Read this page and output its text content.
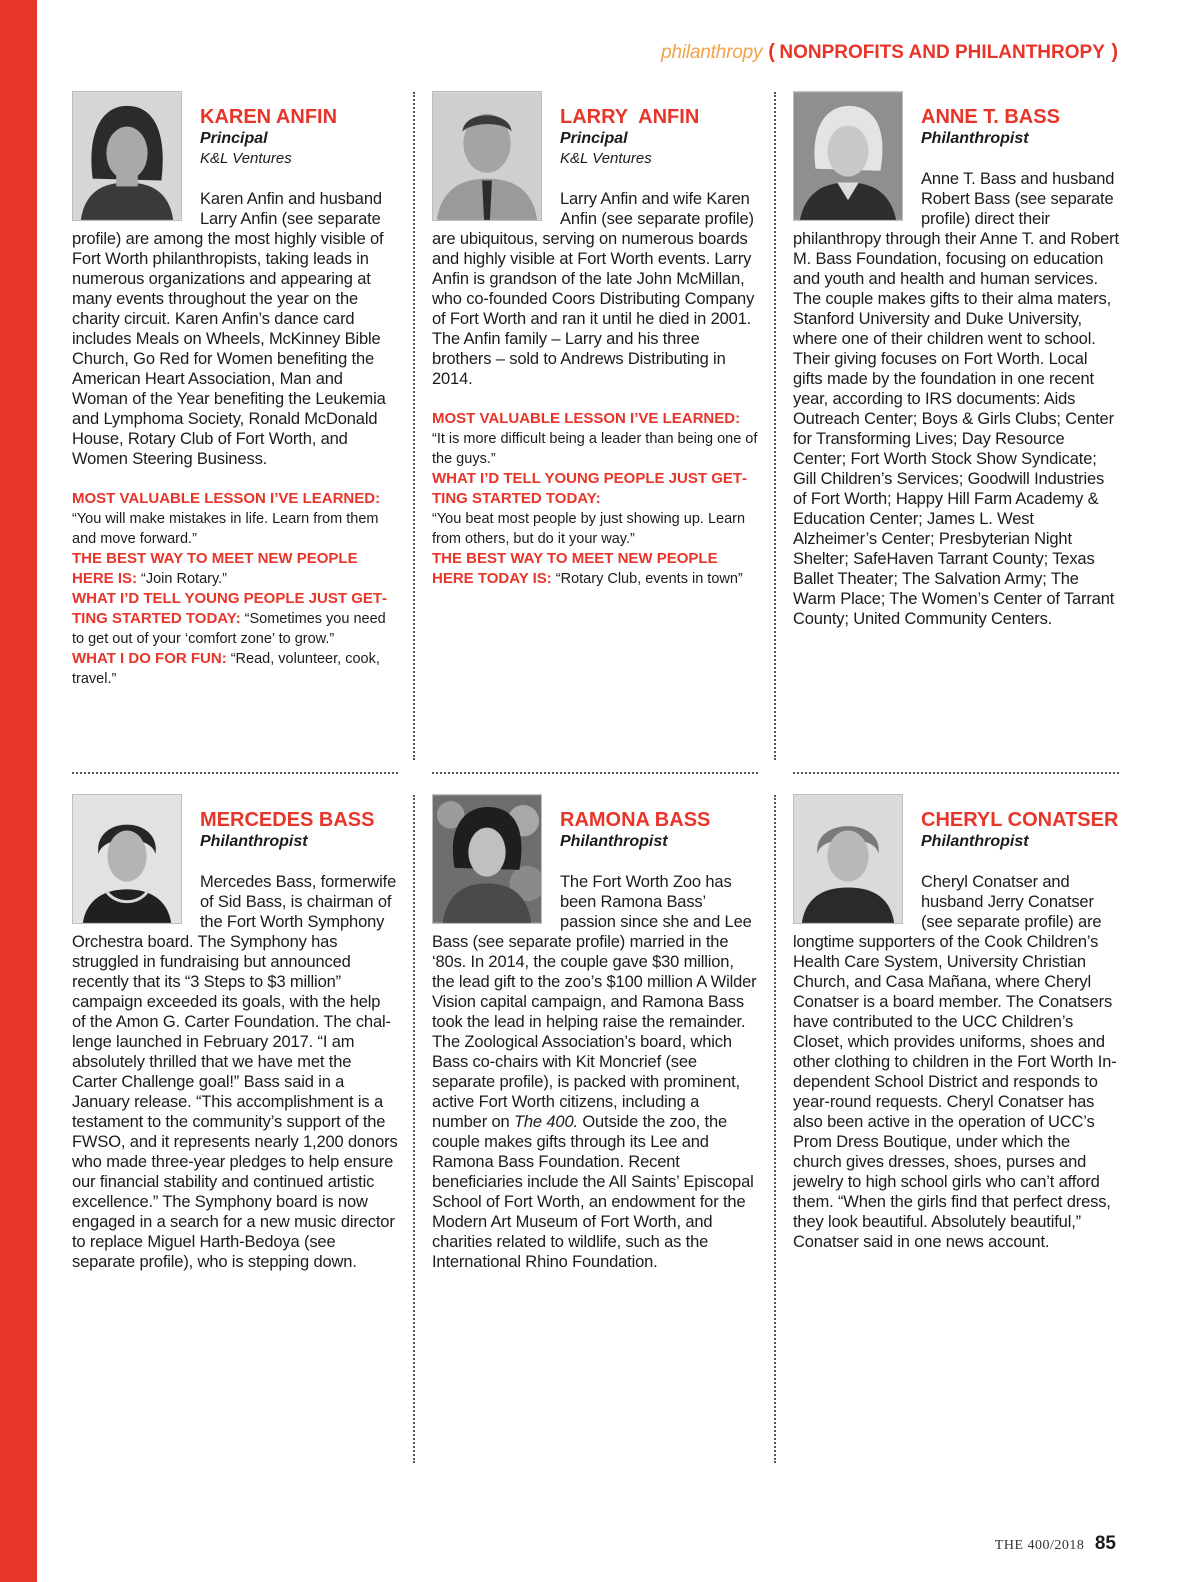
philanthropy ( NONPROFITS AND PHILANTHROPY )
KAREN ANFIN
Principal
K&L Ventures
Karen Anfin and husband Larry Anfin (see separate profile) are among the most highly visible of Fort Worth philanthropists, taking leads in numerous organizations and appearing at many events throughout the year on the charity circuit. Karen Anfin’s dance card includes Meals on Wheels, McKinney Bible Church, Go Red for Women benefiting the American Heart Association, Man and Woman of the Year benefiting the Leukemia and Lymphoma Society, Ronald McDonald House, Rotary Club of Fort Worth, and Women Steering Business.

MOST VALUABLE LESSON I’VE LEARNED:
“You will make mistakes in life. Learn from them and move forward.”

THE BEST WAY TO MEET NEW PEOPLE HERE IS: “Join Rotary.”

WHAT I’D TELL YOUNG PEOPLE JUST GETTING STARTED TODAY: “Sometimes you need to get out of your ‘comfort zone’ to grow.”

WHAT I DO FOR FUN: “Read, volunteer, cook, travel.”

LARRY  ANFIN
Principal
K&L Ventures
Larry Anfin and wife Karen Anfin (see separate profile) are ubiquitous, serving on numerous boards and highly visible at Fort Worth events. Larry Anfin is grandson of the late John McMillan, who co-founded Coors Distributing Company of Fort Worth and ran it until he died in 2001. The Anfin family – Larry and his three brothers – sold to Andrews Distributing in 2014.

MOST VALUABLE LESSON I’VE LEARNED:
“It is more difficult being a leader than being one of the guys.”

WHAT I’D TELL YOUNG PEOPLE JUST GETTING STARTED TODAY:
“You beat most people by just showing up. Learn from others, but do it your way.”

THE BEST WAY TO MEET NEW PEOPLE HERE TODAY IS: “Rotary Club, events in town”

ANNE T. BASS
Philanthropist
Anne T. Bass and husband Robert Bass (see separate profile) direct their philanthropy through their Anne T. and Robert M. Bass Foundation, focusing on education and youth and health and human services. The couple makes gifts to their alma maters, Stanford University and Duke University, where one of their children went to school. Their giving focuses on Fort Worth. Local gifts made by the foundation in one recent year, according to IRS documents: Aids Outreach Center; Boys & Girls Clubs; Center for Transforming Lives; Day Resource Center; Fort Worth Stock Show Syndicate; Gill Children’s Services; Goodwill Industries of Fort Worth; Happy Hill Farm Academy & Education Center; James L. West Alzheimer’s Center; Presbyterian Night Shelter; SafeHaven Tarrant County; Texas Ballet Theater; The Salvation Army; The Warm Place; The Women’s Center of Tarrant County; United Community Centers.
MERCEDES BASS
Philanthropist
Mercedes Bass, formerwife of Sid Bass, is chairman of the Fort Worth Symphony Orchestra board. The Symphony has struggled in fundraising but announced recently that its “3 Steps to $3 million” campaign exceeded its goals, with the help of the Amon G. Carter Foundation. The challenge launched in February 2017. “I am absolutely thrilled that we have met the Carter Challenge goal!” Bass said in a January release. “This accomplishment is a testament to the community’s support of the FWSO, and it represents nearly 1,200 donors who made three-year pledges to help ensure our financial stability and continued artistic excellence.” The Symphony board is now engaged in a search for a new music director to replace Miguel Harth-Bedoya (see separate profile), who is stepping down.
RAMONA BASS
Philanthropist
The Fort Worth Zoo has been Ramona Bass’ passion since she and Lee Bass (see separate profile) married in the ‘80s. In 2014, the couple gave $30 million, the lead gift to the zoo’s $100 million A Wilder Vision capital campaign, and Ramona Bass took the lead in helping raise the remainder. The Zoological Association’s board, which Bass co-chairs with Kit Moncrief (see separate profile), is packed with prominent, active Fort Worth citizens, including a number on The 400. Outside the zoo, the couple makes gifts through its Lee and Ramona Bass Foundation. Recent beneficiaries include the All Saints’ Episcopal School of Fort Worth, an endowment for the Modern Art Museum of Fort Worth, and charities related to wildlife, such as the International Rhino Foundation.
CHERYL CONATSER
Philanthropist
Cheryl Conatser and husband Jerry Conatser (see separate profile) are longtime supporters of the Cook Children’s Health Care System, University Christian Church, and Casa Mañana, where Cheryl Conatser is a board member. The Conatsers have contributed to the UCC Children’s Closet, which provides uniforms, shoes and other clothing to children in the Fort Worth Independent School District and responds to year-round requests. Cheryl Conatser has also been active in the operation of UCC’s Prom Dress Boutique, under which the church gives dresses, shoes, purses and jewelry to high school girls who can’t afford them. “When the girls find that perfect dress, they look beautiful. Absolutely beautiful,” Conatser said in one news account.
THE 400/2018 85
